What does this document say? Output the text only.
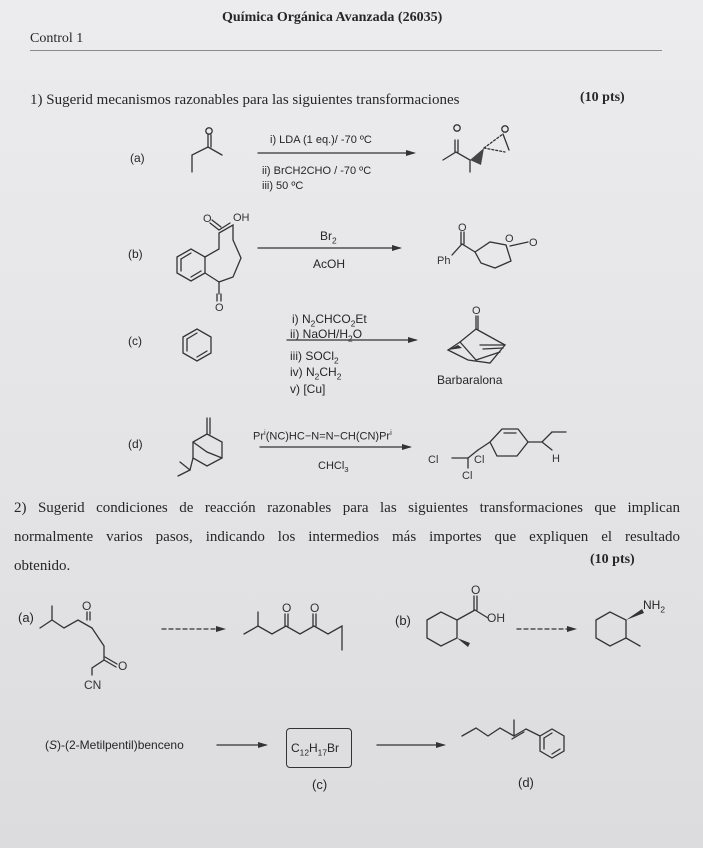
Química Orgánica Avanzada (26035)
Control 1
1) Sugerid mecanismos razonables para las siguientes transformaciones	(10 pts)
(a)
(b)
(c)
(d)
i) LDA (1 eq.)/ -70 ºC
ii) BrCH2CHO / -70 ºC
iii) 50 ºC
$Br_2$
AcOH
i) $N_2CHCO_2Et$
ii) NaOH/$H_2O$
iii) SOCl$_2$
iv) $N_2CH_2$
v) [Cu]
Barbaralona
$Pr^i(NC)HC-N=N-CH(CN)Pr^i$
CHCl$_3$
2) Sugerid condiciones de reacción razonables para las siguientes transformaciones que implican
normalmente varios pasos, indicando los intermedios más importes que expliquen el resultado
obtenido.	(10 pts)
(a)	(b)
(S)-(2-Metilpentil)benceno	$C_{12}H_{17}Br$
(c)	(d)
OH
O
O
Ph
O
O O
O
Cl	Cl
Cl
H
O
O
CN
O O
O
OH
$NH_2$
